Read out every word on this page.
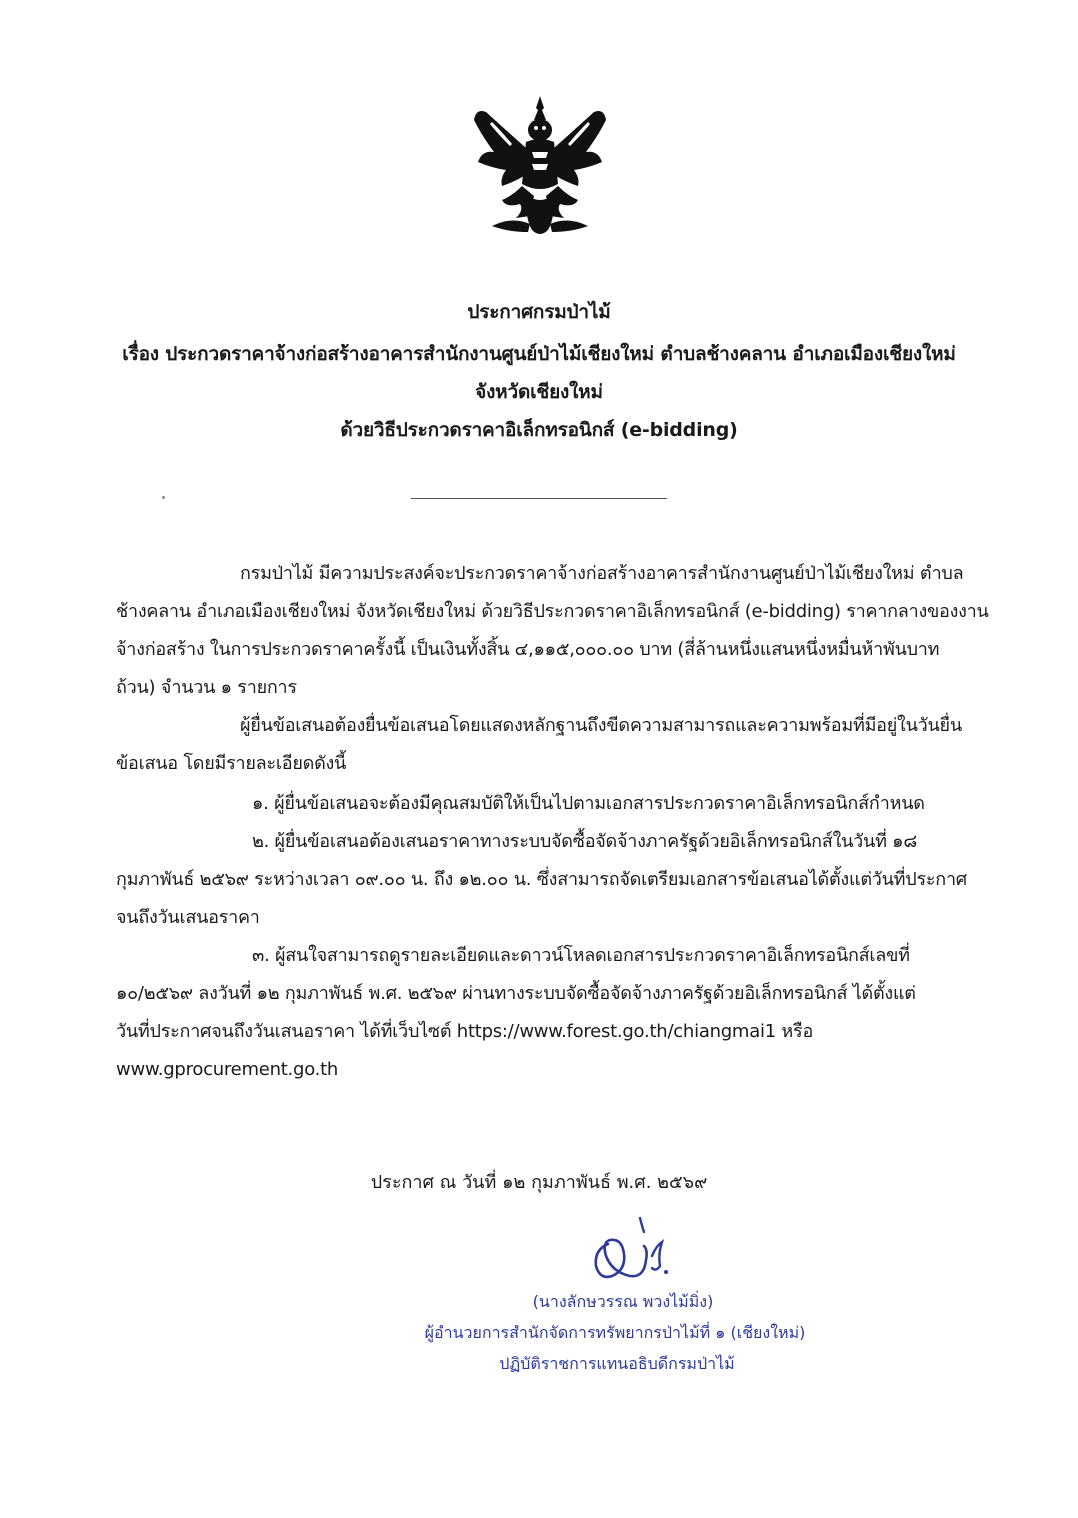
ประกาศกรมป่าไม้
เรื่อง ประกวดราคาจ้างก่อสร้างอาคารสำนักงานศูนย์ป่าไม้เชียงใหม่ ตำบลช้างคลาน อำเภอเมืองเชียงใหม่
จังหวัดเชียงใหม่
ด้วยวิธีประกวดราคาอิเล็กทรอนิกส์ (e-bidding)
กรมป่าไม้ มีความประสงค์จะประกวดราคาจ้างก่อสร้างอาคารสำนักงานศูนย์ป่าไม้เชียงใหม่ ตำบล
ช้างคลาน อำเภอเมืองเชียงใหม่ จังหวัดเชียงใหม่ ด้วยวิธีประกวดราคาอิเล็กทรอนิกส์ (e-bidding) ราคากลางของงาน
จ้างก่อสร้าง ในการประกวดราคาครั้งนี้ เป็นเงินทั้งสิ้น ๔,๑๑๕,๐๐๐.๐๐ บาท (สี่ล้านหนึ่งแสนหนึ่งหมื่นห้าพันบาท
ถ้วน) จำนวน ๑ รายการ
ผู้ยื่นข้อเสนอต้องยื่นข้อเสนอโดยแสดงหลักฐานถึงขีดความสามารถและความพร้อมที่มีอยู่ในวันยื่น
ข้อเสนอ โดยมีรายละเอียดดังนี้
๑. ผู้ยื่นข้อเสนอจะต้องมีคุณสมบัติให้เป็นไปตามเอกสารประกวดราคาอิเล็กทรอนิกส์กำหนด
๒. ผู้ยื่นข้อเสนอต้องเสนอราคาทางระบบจัดซื้อจัดจ้างภาครัฐด้วยอิเล็กทรอนิกส์ในวันที่ ๑๘
กุมภาพันธ์ ๒๕๖๙ ระหว่างเวลา ๐๙.๐๐ น. ถึง ๑๒.๐๐ น. ซึ่งสามารถจัดเตรียมเอกสารข้อเสนอได้ตั้งแต่วันที่ประกาศ
จนถึงวันเสนอราคา
๓. ผู้สนใจสามารถดูรายละเอียดและดาวน์โหลดเอกสารประกวดราคาอิเล็กทรอนิกส์เลขที่
๑๐/๒๕๖๙ ลงวันที่ ๑๒ กุมภาพันธ์ พ.ศ. ๒๕๖๙ ผ่านทางระบบจัดซื้อจัดจ้างภาครัฐด้วยอิเล็กทรอนิกส์ ได้ตั้งแต่
วันที่ประกาศจนถึงวันเสนอราคา ได้ที่เว็บไซต์ https://www.forest.go.th/chiangmai1 หรือ
www.gprocurement.go.th
ประกาศ ณ วันที่ ๑๒ กุมภาพันธ์ พ.ศ. ๒๕๖๙
(นางลักษวรรณ พวงไม้มิ่ง)
ผู้อำนวยการสำนักจัดการทรัพยากรป่าไม้ที่ ๑ (เชียงใหม่)
ปฏิบัติราชการแทนอธิบดีกรมป่าไม้
